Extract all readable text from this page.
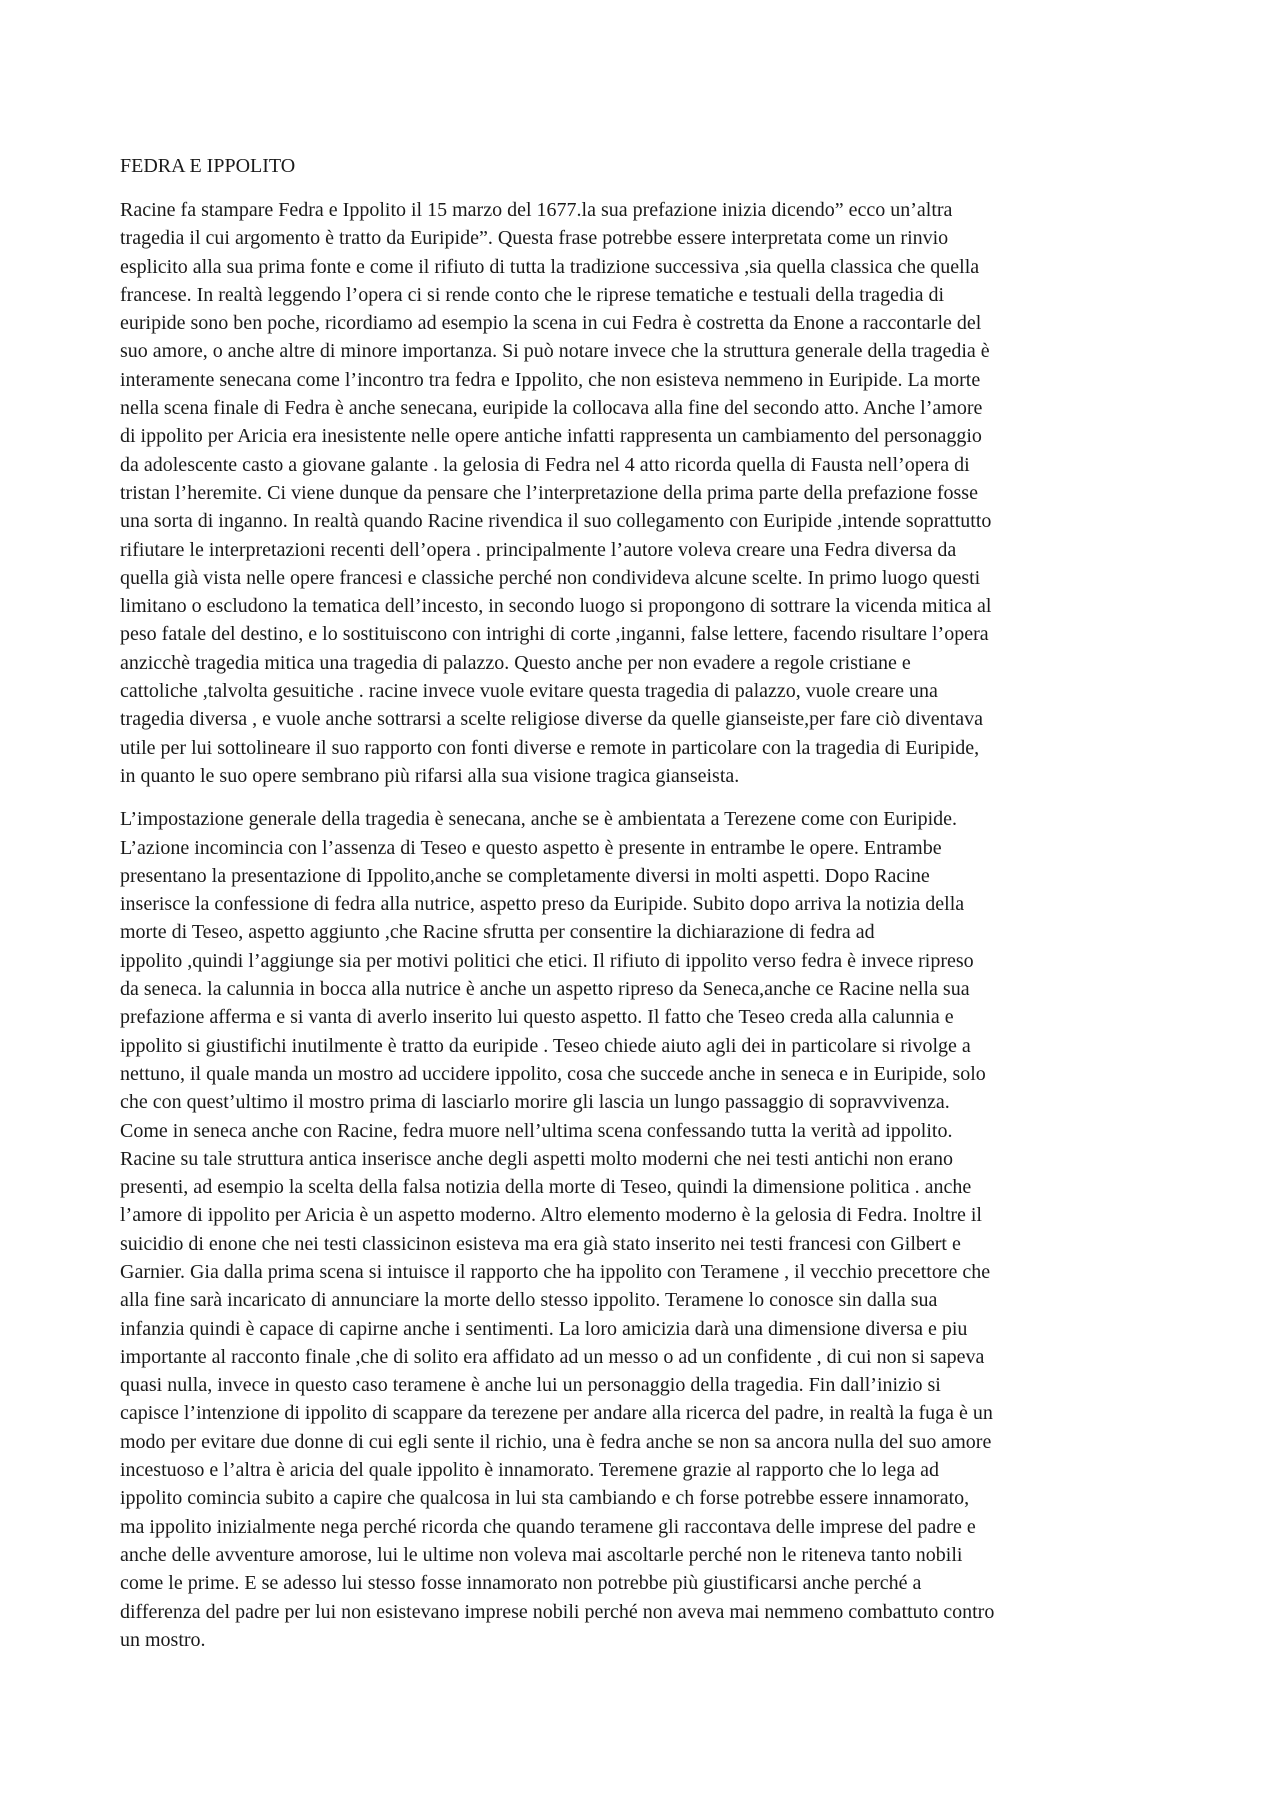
FEDRA E IPPOLITO

Racine fa stampare Fedra e Ippolito il 15 marzo del 1677.la sua prefazione inizia dicendo” ecco un’altra
tragedia il cui argomento è tratto da Euripide”. Questa frase potrebbe essere interpretata come un rinvio
esplicito alla sua prima fonte e come il rifiuto di tutta la tradizione successiva ,sia quella classica che quella
francese. In realtà leggendo l’opera ci si rende conto che le riprese tematiche e testuali della tragedia di
euripide sono ben poche, ricordiamo ad esempio la scena in cui Fedra è costretta da Enone a raccontarle del
suo amore, o anche altre di minore importanza. Si può notare invece che la struttura generale della tragedia è
interamente senecana come l’incontro tra fedra e Ippolito, che non esisteva nemmeno in Euripide. La morte
nella scena finale di Fedra è anche senecana, euripide la collocava alla fine del secondo atto. Anche l’amore
di ippolito per Aricia era inesistente nelle opere antiche infatti rappresenta un cambiamento del personaggio
da adolescente casto a giovane galante . la gelosia di Fedra nel 4 atto ricorda quella di Fausta nell’opera di
tristan l’heremite. Ci viene dunque da pensare che l’interpretazione della prima parte della prefazione fosse
una sorta di inganno. In realtà quando Racine rivendica il suo collegamento con Euripide ,intende soprattutto
rifiutare le interpretazioni recenti dell’opera . principalmente l’autore voleva creare una Fedra diversa da
quella già vista nelle opere francesi e classiche perché non condivideva alcune scelte. In primo luogo questi
limitano o escludono la tematica dell’incesto, in secondo luogo si propongono di sottrare la vicenda mitica al
peso fatale del destino, e lo sostituiscono con intrighi di corte ,inganni, false lettere, facendo risultare l’opera
anzicchè tragedia mitica una tragedia di palazzo. Questo anche per non evadere a regole cristiane e
cattoliche ,talvolta gesuitiche . racine invece vuole evitare questa tragedia di palazzo, vuole creare una
tragedia diversa , e vuole anche sottrarsi a scelte religiose diverse da quelle gianseiste,per fare ciò diventava
utile per lui sottolineare il suo rapporto con fonti diverse e remote in particolare con la tragedia di Euripide,
in quanto le suo opere sembrano più rifarsi alla sua visione tragica gianseista.

L’impostazione generale della tragedia è senecana, anche se è ambientata a Terezene come con Euripide.
L’azione incomincia con l’assenza di Teseo e questo aspetto è presente in entrambe le opere. Entrambe
presentano la presentazione di Ippolito,anche se completamente diversi in molti aspetti. Dopo Racine
inserisce la confessione di fedra alla nutrice, aspetto preso da Euripide. Subito dopo arriva la notizia della
morte di Teseo, aspetto aggiunto ,che Racine sfrutta per consentire la dichiarazione di fedra ad
ippolito ,quindi l’aggiunge sia per motivi politici che etici. Il rifiuto di ippolito verso fedra è invece ripreso
da seneca. la calunnia in bocca alla nutrice è anche un aspetto ripreso da Seneca,anche ce Racine nella sua
prefazione afferma e si vanta di averlo inserito lui questo aspetto. Il fatto che Teseo creda alla calunnia e
ippolito si giustifichi inutilmente è tratto da euripide . Teseo chiede aiuto agli dei in particolare si rivolge a
nettuno, il quale manda un mostro ad uccidere ippolito, cosa che succede anche in seneca e in Euripide, solo
che con quest’ultimo il mostro prima di lasciarlo morire gli lascia un lungo passaggio di sopravvivenza.
Come in seneca anche con Racine, fedra muore nell’ultima scena confessando tutta la verità ad ippolito.
Racine su tale struttura antica inserisce anche degli aspetti molto moderni che nei testi antichi non erano
presenti, ad esempio la scelta della falsa notizia della morte di Teseo, quindi la dimensione politica . anche
l’amore di ippolito per Aricia è un aspetto moderno. Altro elemento moderno è la gelosia di Fedra. Inoltre il
suicidio di enone che nei testi classicinon esisteva ma era già stato inserito nei testi francesi con Gilbert e
Garnier. Gia dalla prima scena si intuisce il rapporto che ha ippolito con Teramene , il vecchio precettore che
alla fine sarà incaricato di annunciare la morte dello stesso ippolito. Teramene lo conosce sin dalla sua
infanzia quindi è capace di capirne anche i sentimenti. La loro amicizia darà una dimensione diversa e piu
importante al racconto finale ,che di solito era affidato ad un messo o ad un confidente , di cui non si sapeva
quasi nulla, invece in questo caso teramene è anche lui un personaggio della tragedia. Fin dall’inizio si
capisce l’intenzione di ippolito di scappare da terezene per andare alla ricerca del padre, in realtà la fuga è un
modo per evitare due donne di cui egli sente il richio, una è fedra anche se non sa ancora nulla del suo amore
incestuoso e l’altra è aricia del quale ippolito è innamorato. Teremene grazie al rapporto che lo lega ad
ippolito comincia subito a capire che qualcosa in lui sta cambiando e ch forse potrebbe essere innamorato,
ma ippolito inizialmente nega perché ricorda che quando teramene gli raccontava delle imprese del padre e
anche delle avventure amorose, lui le ultime non voleva mai ascoltarle perché non le riteneva tanto nobili
come le prime. E se adesso lui stesso fosse innamorato non potrebbe più giustificarsi anche perché a
differenza del padre per lui non esistevano imprese nobili perché non aveva mai nemmeno combattuto contro
un mostro.
